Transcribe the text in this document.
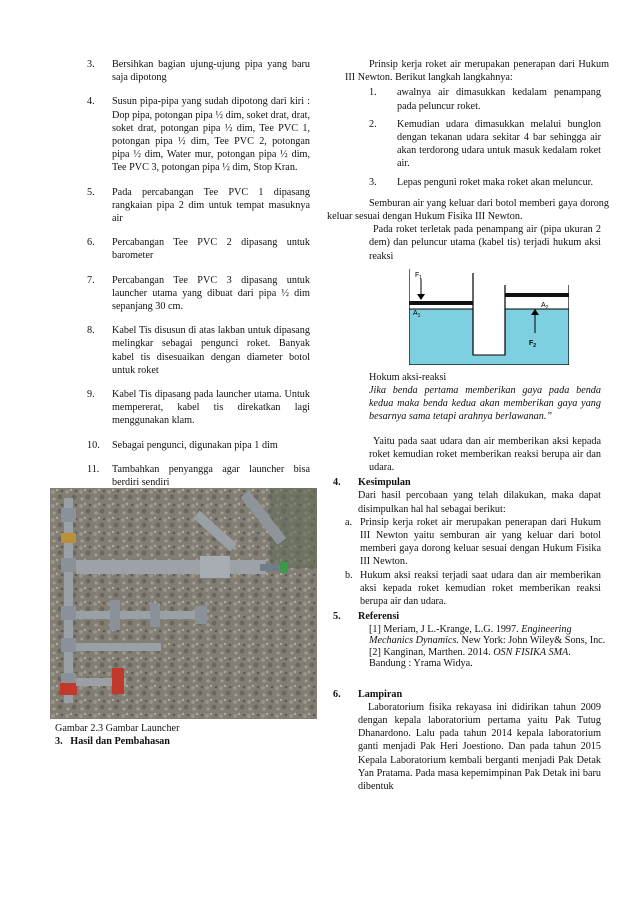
3.	Bersihkan bagian ujung-ujung pipa yang baru saja dipotong
4.	Susun pipa-pipa yang sudah dipotong dari kiri : Dop pipa, potongan pipa ½ dim, soket drat, drat, soket drat, potongan pipa ½ dim, Tee PVC 1, potongan pipa ½ dim, Tee PVC 2, potongan pipa ½ dim, Water mur, potongan pipa ½ dim, Tee PVC 3, potongan pipa ½ dim, Stop Kran.
5.	Pada percabangan Tee PVC 1 dipasang rangkaian pipa 2 dim untuk tempat masuknya air
6.	Percabangan Tee PVC 2 dipasang untuk barometer
7.	Percabangan Tee PVC 3 dipasang untuk launcher utama yang dibuat dari pipa ½ dim sepanjang 30 cm.
8.	Kabel Tis disusun di atas lakban untuk dipasang melingkar sebagai pengunci roket. Banyak kabel tis disesuaikan dengan diameter botol untuk roket
9.	Kabel Tis dipasang pada launcher utama. Untuk mempererat, kabel tis direkatkan lagi menggunakan klam.
10.	Sebagai pengunci, digunakan pipa 1 dim
11.	Tambahkan penyangga agar launcher bisa berdiri sendiri
Gambar 2.3 Gambar Launcher
3. Hasil dan Pembahasan
Prinsip kerja roket air merupakan penerapan dari Hukum III Newton. Berikut langkah langkahnya:
1.	awalnya air dimasukkan kedalam penampang pada peluncur roket.
2.	Kemudian udara dimasukkan melalui bunglon dengan tekanan udara sekitar 4 bar sehingga air akan terdorong udara untuk masuk kedalam roket air.
3.	Lepas penguni roket maka roket akan meluncur.
Semburan air yang keluar dari botol memberi gaya dorong keluar sesuai dengan Hukum Fisika III Newton.
Pada roket terletak pada penampang air (pipa ukuran 2 dem) dan peluncur utama (kabel tis) terjadi hukum aksi reaksi
$F_1$
$A_1$
$A_2$
$F_2$
Hokum aksi-reaksi
Jika benda pertama memberikan gaya pada benda kedua maka benda kedua akan memberikan gaya yang besarnya sama tetapi arahnya berlawanan.”
Yaitu pada saat udara dan air memberikan aksi kepada roket kemudian roket memberikan reaksi berupa air dan udara.
4.	Kesimpulan
Dari hasil percobaan yang telah dilakukan, maka dapat disimpulkan hal hal sebagai berikut:
a. Prinsip kerja roket air merupakan penerapan dari Hukum III Newton yaitu semburan air yang keluar dari botol memberi gaya dorong keluar sesuai dengan Hukum Fisika III Newton.
b. Hukum aksi reaksi terjadi saat udara dan air memberikan aksi kepada roket kemudian roket memberikan reaksi berupa air dan udara.
5.	Referensi
[1] Meriam, J L.-Krange, L.G. 1997. Engineering Mechanics Dynamics. New York: John Wiley& Sons, Inc.
[2] Kanginan, Marthen. 2014. OSN FISIKA SMA. Bandung : Yrama Widya.
6.	Lampiran
Laboratorium fisika rekayasa ini didirikan tahun 2009 dengan kepala laboratorium pertama yaitu Pak Tutug Dhanardono. Lalu pada tahun 2014 kepala laboratorium ganti menjadi Pak Heri Joestiono. Dan pada tahun 2015 Kepala Laboratorium kembali berganti menjadi Pak Detak Yan Pratama. Pada masa kepemimpinan Pak Detak ini baru dibentuk
